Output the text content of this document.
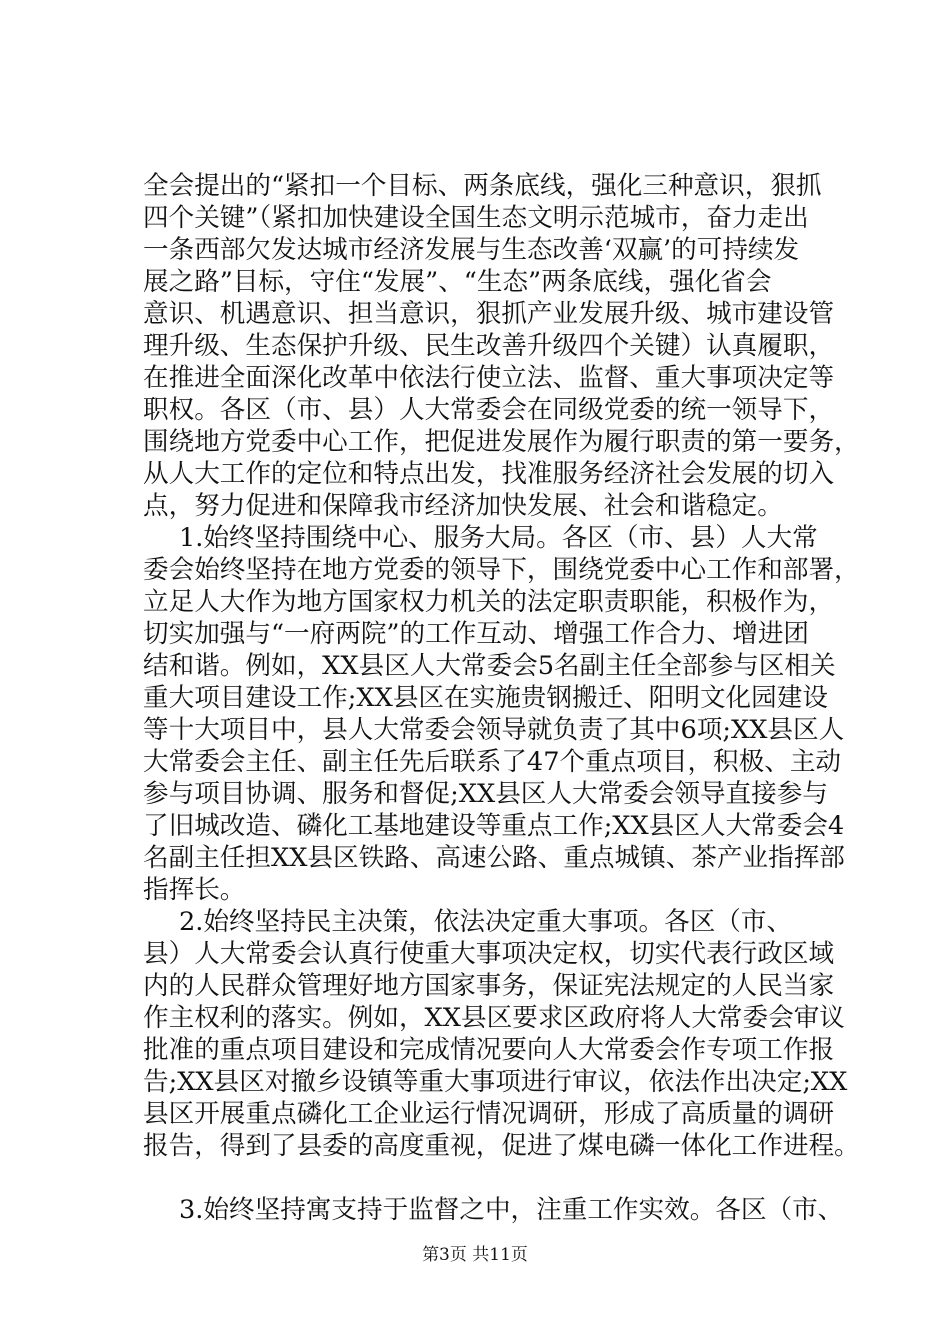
全会提出的“紧扣一个目标、两条底线，强化三种意识，狠抓
四个关键”（紧扣加快建设全国生态文明示范城市，奋力走出
一条西部欠发达城市经济发展与生态改善‘双赢’的可持续发
展之路”目标，守住“发展”、“生态”两条底线，强化省会
意识、机遇意识、担当意识，狠抓产业发展升级、城市建设管
理升级、生态保护升级、民生改善升级四个关键）认真履职，
在推进全面深化改革中依法行使立法、监督、重大事项决定等
职权。各区（市、县）人大常委会在同级党委的统一领导下，
围绕地方党委中心工作，把促进发展作为履行职责的第一要务，
从人大工作的定位和特点出发，找准服务经济社会发展的切入
点，努力促进和保障我市经济加快发展、社会和谐稳定。
1.始终坚持围绕中心、服务大局。各区（市、县）人大常
委会始终坚持在地方党委的领导下，围绕党委中心工作和部署，
立足人大作为地方国家权力机关的法定职责职能，积极作为，
切实加强与“一府两院”的工作互动、增强工作合力、增进团
结和谐。例如，XX县区人大常委会5名副主任全部参与区相关
重大项目建设工作;XX县区在实施贵钢搬迁、阳明文化园建设
等十大项目中，县人大常委会领导就负责了其中6项;XX县区人
大常委会主任、副主任先后联系了47个重点项目，积极、主动
参与项目协调、服务和督促;XX县区人大常委会领导直接参与
了旧城改造、磷化工基地建设等重点工作;XX县区人大常委会4
名副主任担XX县区铁路、高速公路、重点城镇、茶产业指挥部
指挥长。
2.始终坚持民主决策，依法决定重大事项。各区（市、
县）人大常委会认真行使重大事项决定权，切实代表行政区域
内的人民群众管理好地方国家事务，保证宪法规定的人民当家
作主权利的落实。例如，XX县区要求区政府将人大常委会审议
批准的重点项目建设和完成情况要向人大常委会作专项工作报
告;XX县区对撤乡设镇等重大事项进行审议，依法作出决定;XX
县区开展重点磷化工企业运行情况调研，形成了高质量的调研
报告，得到了县委的高度重视，促进了煤电磷一体化工作进程。
3.始终坚持寓支持于监督之中，注重工作实效。各区（市、
第3页 共11页
